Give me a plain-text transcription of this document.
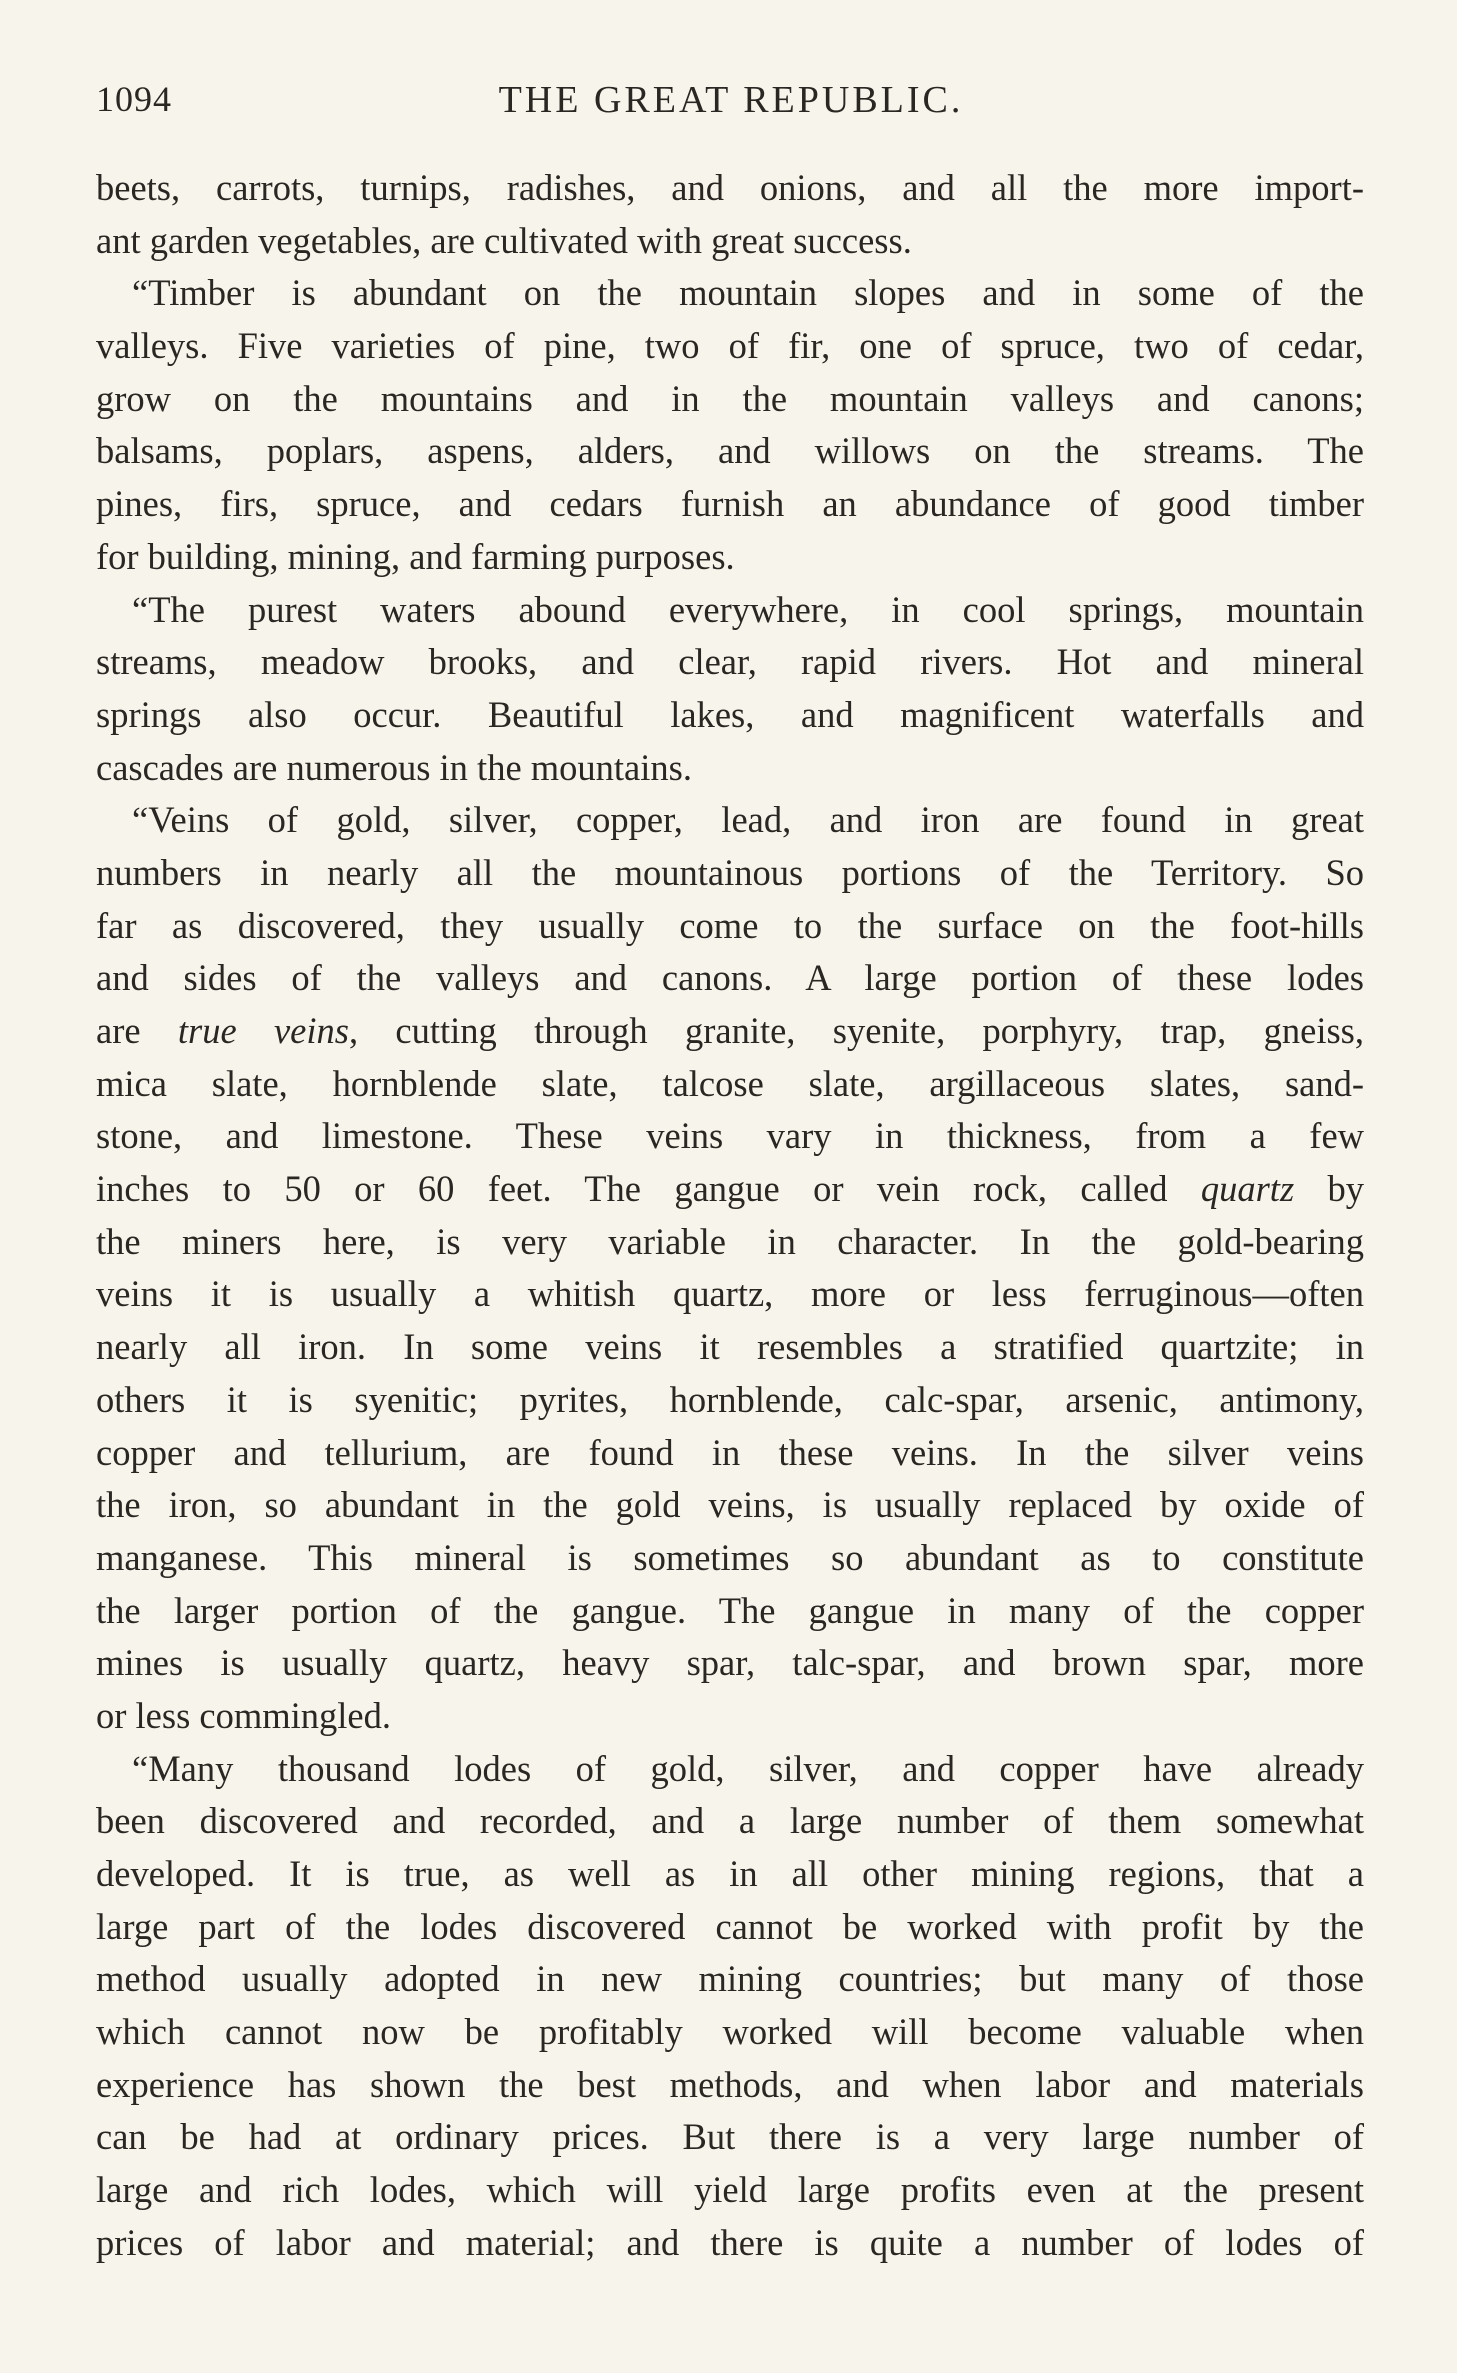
1094	THE GREAT REPUBLIC.
beets, carrots, turnips, radishes, and onions, and all the more import-
ant garden vegetables, are cultivated with great success.
“Timber is abundant on the mountain slopes and in some of the
valleys. Five varieties of pine, two of fir, one of spruce, two of cedar,
grow on the mountains and in the mountain valleys and canons;
balsams, poplars, aspens, alders, and willows on the streams. The
pines, firs, spruce, and cedars furnish an abundance of good timber
for building, mining, and farming purposes.
“The purest waters abound everywhere, in cool springs, mountain
streams, meadow brooks, and clear, rapid rivers. Hot and mineral
springs also occur. Beautiful lakes, and magnificent waterfalls and
cascades are numerous in the mountains.
“Veins of gold, silver, copper, lead, and iron are found in great
numbers in nearly all the mountainous portions of the Territory. So
far as discovered, they usually come to the surface on the foot-hills
and sides of the valleys and canons. A large portion of these lodes
are true veins, cutting through granite, syenite, porphyry, trap, gneiss,
mica slate, hornblende slate, talcose slate, argillaceous slates, sand-
stone, and limestone. These veins vary in thickness, from a few
inches to 50 or 60 feet. The gangue or vein rock, called quartz by
the miners here, is very variable in character. In the gold-bearing
veins it is usually a whitish quartz, more or less ferruginous—often
nearly all iron. In some veins it resembles a stratified quartzite; in
others it is syenitic; pyrites, hornblende, calc-spar, arsenic, antimony,
copper and tellurium, are found in these veins. In the silver veins
the iron, so abundant in the gold veins, is usually replaced by oxide of
manganese. This mineral is sometimes so abundant as to constitute
the larger portion of the gangue. The gangue in many of the copper
mines is usually quartz, heavy spar, talc-spar, and brown spar, more
or less commingled.
“Many thousand lodes of gold, silver, and copper have already
been discovered and recorded, and a large number of them somewhat
developed. It is true, as well as in all other mining regions, that a
large part of the lodes discovered cannot be worked with profit by the
method usually adopted in new mining countries; but many of those
which cannot now be profitably worked will become valuable when
experience has shown the best methods, and when labor and materials
can be had at ordinary prices. But there is a very large number of
large and rich lodes, which will yield large profits even at the present
prices of labor and material; and there is quite a number of lodes of
